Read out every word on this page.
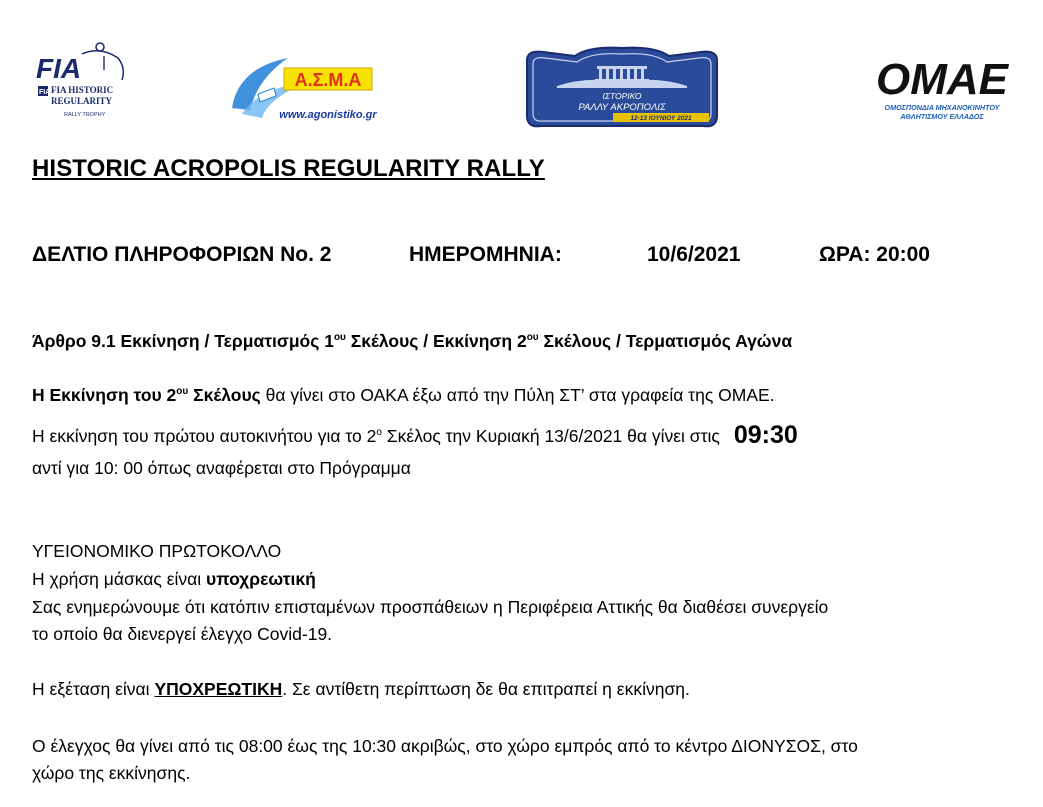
FIA
FIA FIA HISTORIC
REGULARITY
RALLY TROPHY
Α.Σ.Μ.Α
www.agonistiko.gr
ΙΣΤΟΡΙΚΟ
ΡΑΛΛΥ ΑΚΡΟΠΟΛΙΣ
12-13 ΙΟΥΝΙΟΥ 2021
OMAE
ΟΜΟΣΠΟΝΔΙΑ ΜΗΧΑΝΟΚΙΝΗΤΟΥ
ΑΘΛΗΤΙΣΜΟΥ ΕΛΛΑΔΟΣ
HISTORIC ACROPOLIS REGULARITY RALLY
ΔΕΛΤΙΟ ΠΛΗΡΟΦΟΡΙΩΝ No. 2	ΗΜΕΡΟΜΗΝΙΑ:	10/6/2021	ΩΡΑ: 20:00
Άρθρο 9.1 Εκκίνηση / Τερματισμός $1^{o\upsilon}$ Σκέλους / Εκκίνηση $2^{o\upsilon}$ Σκέλους / Τερματισμός Αγώνα
Η Εκκίνηση του $2^{o\upsilon}$ Σκέλους θα γίνει στο ΟΑΚΑ έξω από την Πύλη ΣΤ’ στα γραφεία της ΟΜΑΕ.
Η εκκίνηση του πρώτου αυτοκινήτου για το $2^o$ Σκέλος την Κυριακή 13/6/2021 θα γίνει στις 09:30
αντί για 10: 00 όπως αναφέρεται στο Πρόγραμμα
ΥΓΕΙΟΝΟΜΙΚΟ ΠΡΩΤΟΚΟΛΛΟ
Η χρήση μάσκας είναι υποχρεωτική
Σας ενημερώνουμε ότι κατόπιν επισταμένων προσπάθειων η Περιφέρεια Αττικής θα διαθέσει συνεργείο
το οποίο θα διενεργεί έλεγχο Covid-19.
Η εξέταση είναι ΥΠΟΧΡΕΩΤΙΚΗ. Σε αντίθετη περίπτωση δε θα επιτραπεί η εκκίνηση.
Ο έλεγχος θα γίνει από τις 08:00 έως της 10:30 ακριβώς, στο χώρο εμπρός από το κέντρο ΔΙΟΝΥΣΟΣ, στο
χώρο της εκκίνησης.
